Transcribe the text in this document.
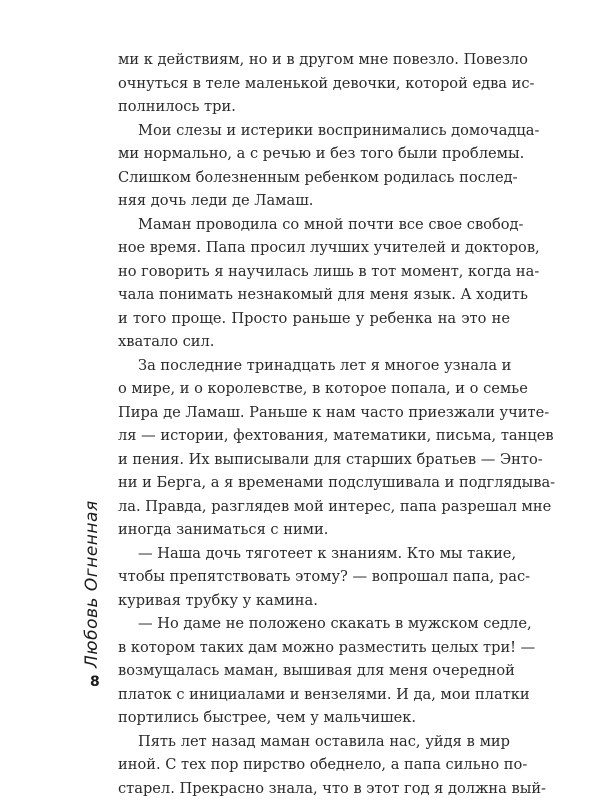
ми к действиям, но и в другом мне повезло. Повезло
очнуться в теле маленькой девочки, которой едва ис-
полнилось три.

Мои слезы и истерики воспринимались домочадца-
ми нормально, а с речью и без того были проблемы.
Слишком болезненным ребенком родилась послед-
няя дочь леди де Ламаш.

Маман проводила со мной почти все свое свобод-
ное время. Папа просил лучших учителей и докторов,
но говорить я научилась лишь в тот момент, когда на-
чала понимать незнакомый для меня язык. А ходить
и того проще. Просто раньше у ребенка на это не
хватало сил.

За последние тринадцать лет я многое узнала и
о мире, и о королевстве, в которое попала, и о семье
Пира де Ламаш. Раньше к нам часто приезжали учите-
ля — истории, фехтования, математики, письма, танцев
и пения. Их выписывали для старших братьев — Энто-
ни и Берга, а я временами подслушивала и подглядыва-
ла. Правда, разглядев мой интерес, папа разрешал мне
иногда заниматься с ними.

— Наша дочь тяготеет к знаниям. Кто мы такие,
чтобы препятствовать этому? — вопрошал папа, рас-
куривая трубку у камина.

— Но даме не положено скакать в мужском седле,
в котором таких дам можно разместить целых три! —
возмущалась маман, вышивая для меня очередной
платок с инициалами и вензелями. И да, мои платки
портились быстрее, чем у мальчишек.

Пять лет назад маман оставила нас, уйдя в мир
иной. С тех пор пирство обеднело, а папа сильно по-
старел. Прекрасно знала, что в этот год я должна вый-

Любовь Огненная
8
